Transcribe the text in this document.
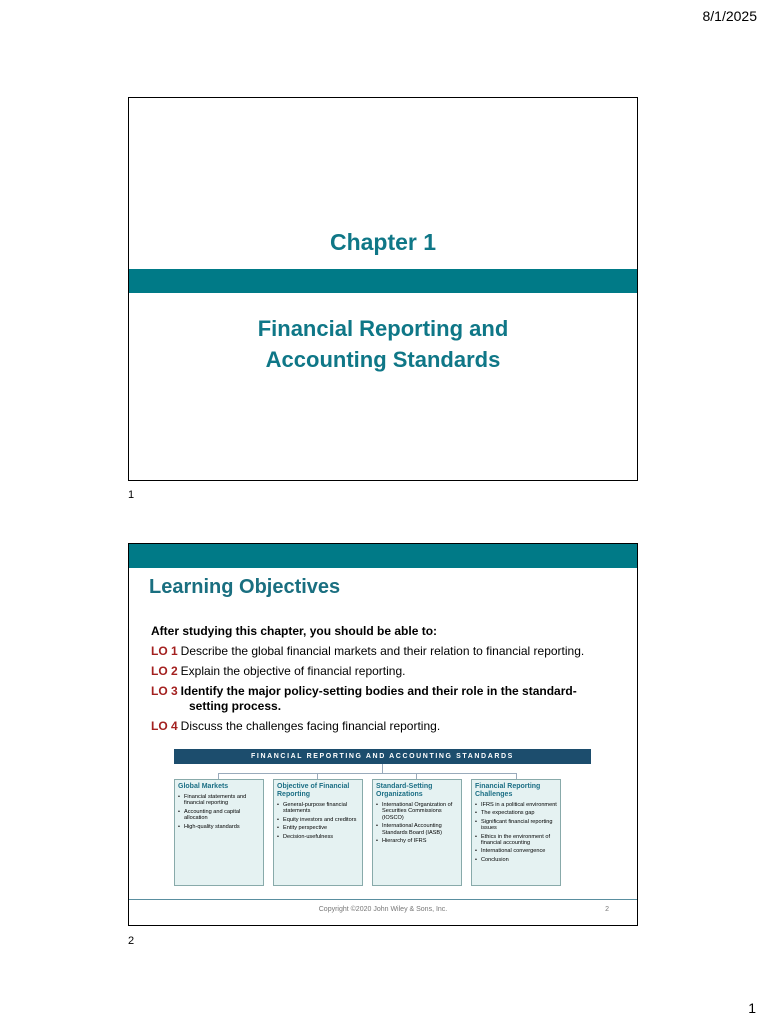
8/1/2025
Chapter 1
Financial Reporting and
Accounting Standards
1
Learning Objectives
After studying this chapter, you should be able to:
LO 1 Describe the global financial markets and their relation to financial reporting.
LO 2 Explain the objective of financial reporting.
LO 3 Identify the major policy-setting bodies and their role in the standard-
setting process.
LO 4 Discuss the challenges facing financial reporting.
FINANCIAL REPORTING AND ACCOUNTING STANDARDS
Global Markets
• Financial statements and financial reporting
• Accounting and capital allocation
• High-quality standards
Objective of Financial Reporting
• General-purpose financial statements
• Equity investors and creditors
• Entity perspective
• Decision-usefulness
Standard-Setting Organizations
• International Organization of Securities Commissions (IOSCO)
• International Accounting Standards Board (IASB)
• Hierarchy of IFRS
Financial Reporting Challenges
• IFRS in a political environment
• The expectations gap
• Significant financial reporting issues
• Ethics in the environment of financial accounting
• International convergence
• Conclusion
Copyright ©2020 John Wiley & Sons, Inc.	2
2
1
